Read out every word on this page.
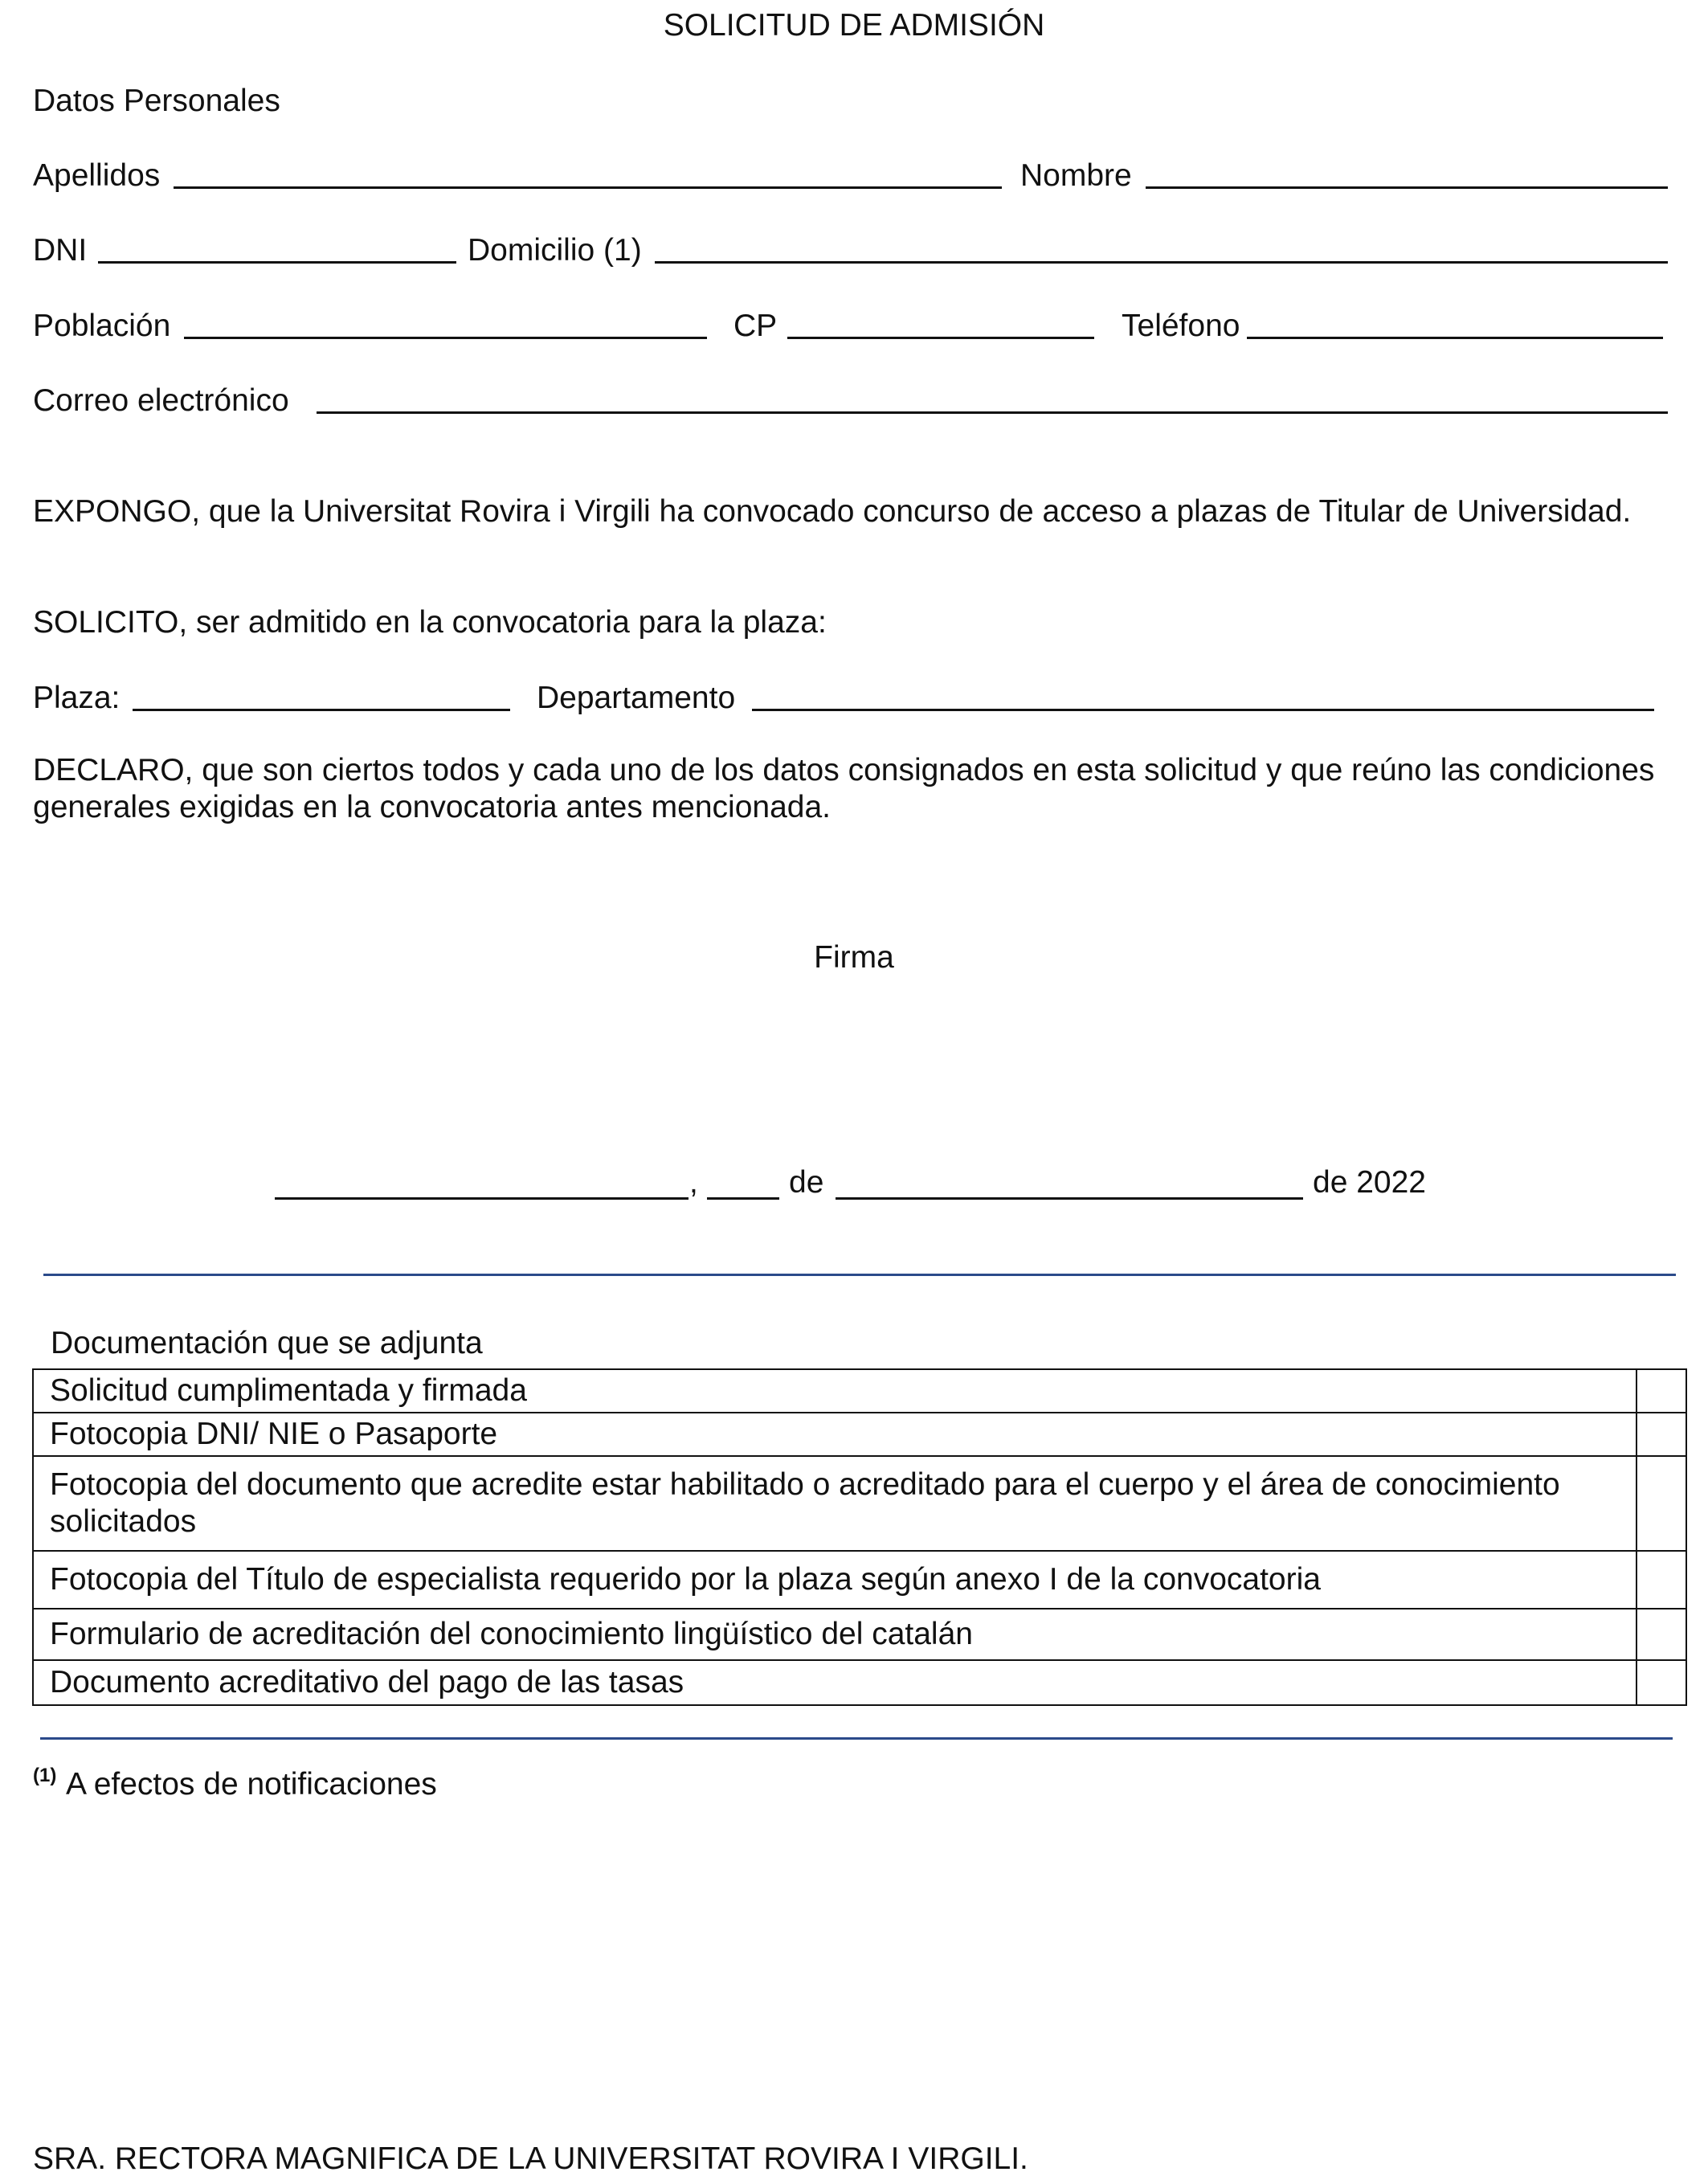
SOLICITUD DE ADMISIÓN
Datos Personales
Apellidos	Nombre
DNI	Domicilio (1)
Población	CP	Teléfono
Correo electrónico
EXPONGO, que la Universitat Rovira i Virgili ha convocado concurso de acceso a plazas de Titular de Universidad.
SOLICITO, ser admitido en la convocatoria para la plaza:
Plaza:	Departamento
DECLARO, que son ciertos todos y cada uno de los datos consignados en esta solicitud y que reúno las condiciones generales exigidas en la convocatoria antes mencionada.
Firma
,	de	de 2022
Documentación que se adjunta
Solicitud cumplimentada y firmada	
Fotocopia DNI/ NIE o Pasaporte	
Fotocopia del documento que acredite estar habilitado o acreditado para el cuerpo y el área de conocimiento solicitados	
Fotocopia del Título de especialista requerido por la plaza según anexo I de la convocatoria	
Formulario de acreditación del conocimiento lingüístico del catalán	
Documento acreditativo del pago de las tasas	
(1) A efectos de notificaciones
SRA. RECTORA MAGNIFICA DE LA UNIVERSITAT ROVIRA I VIRGILI.
